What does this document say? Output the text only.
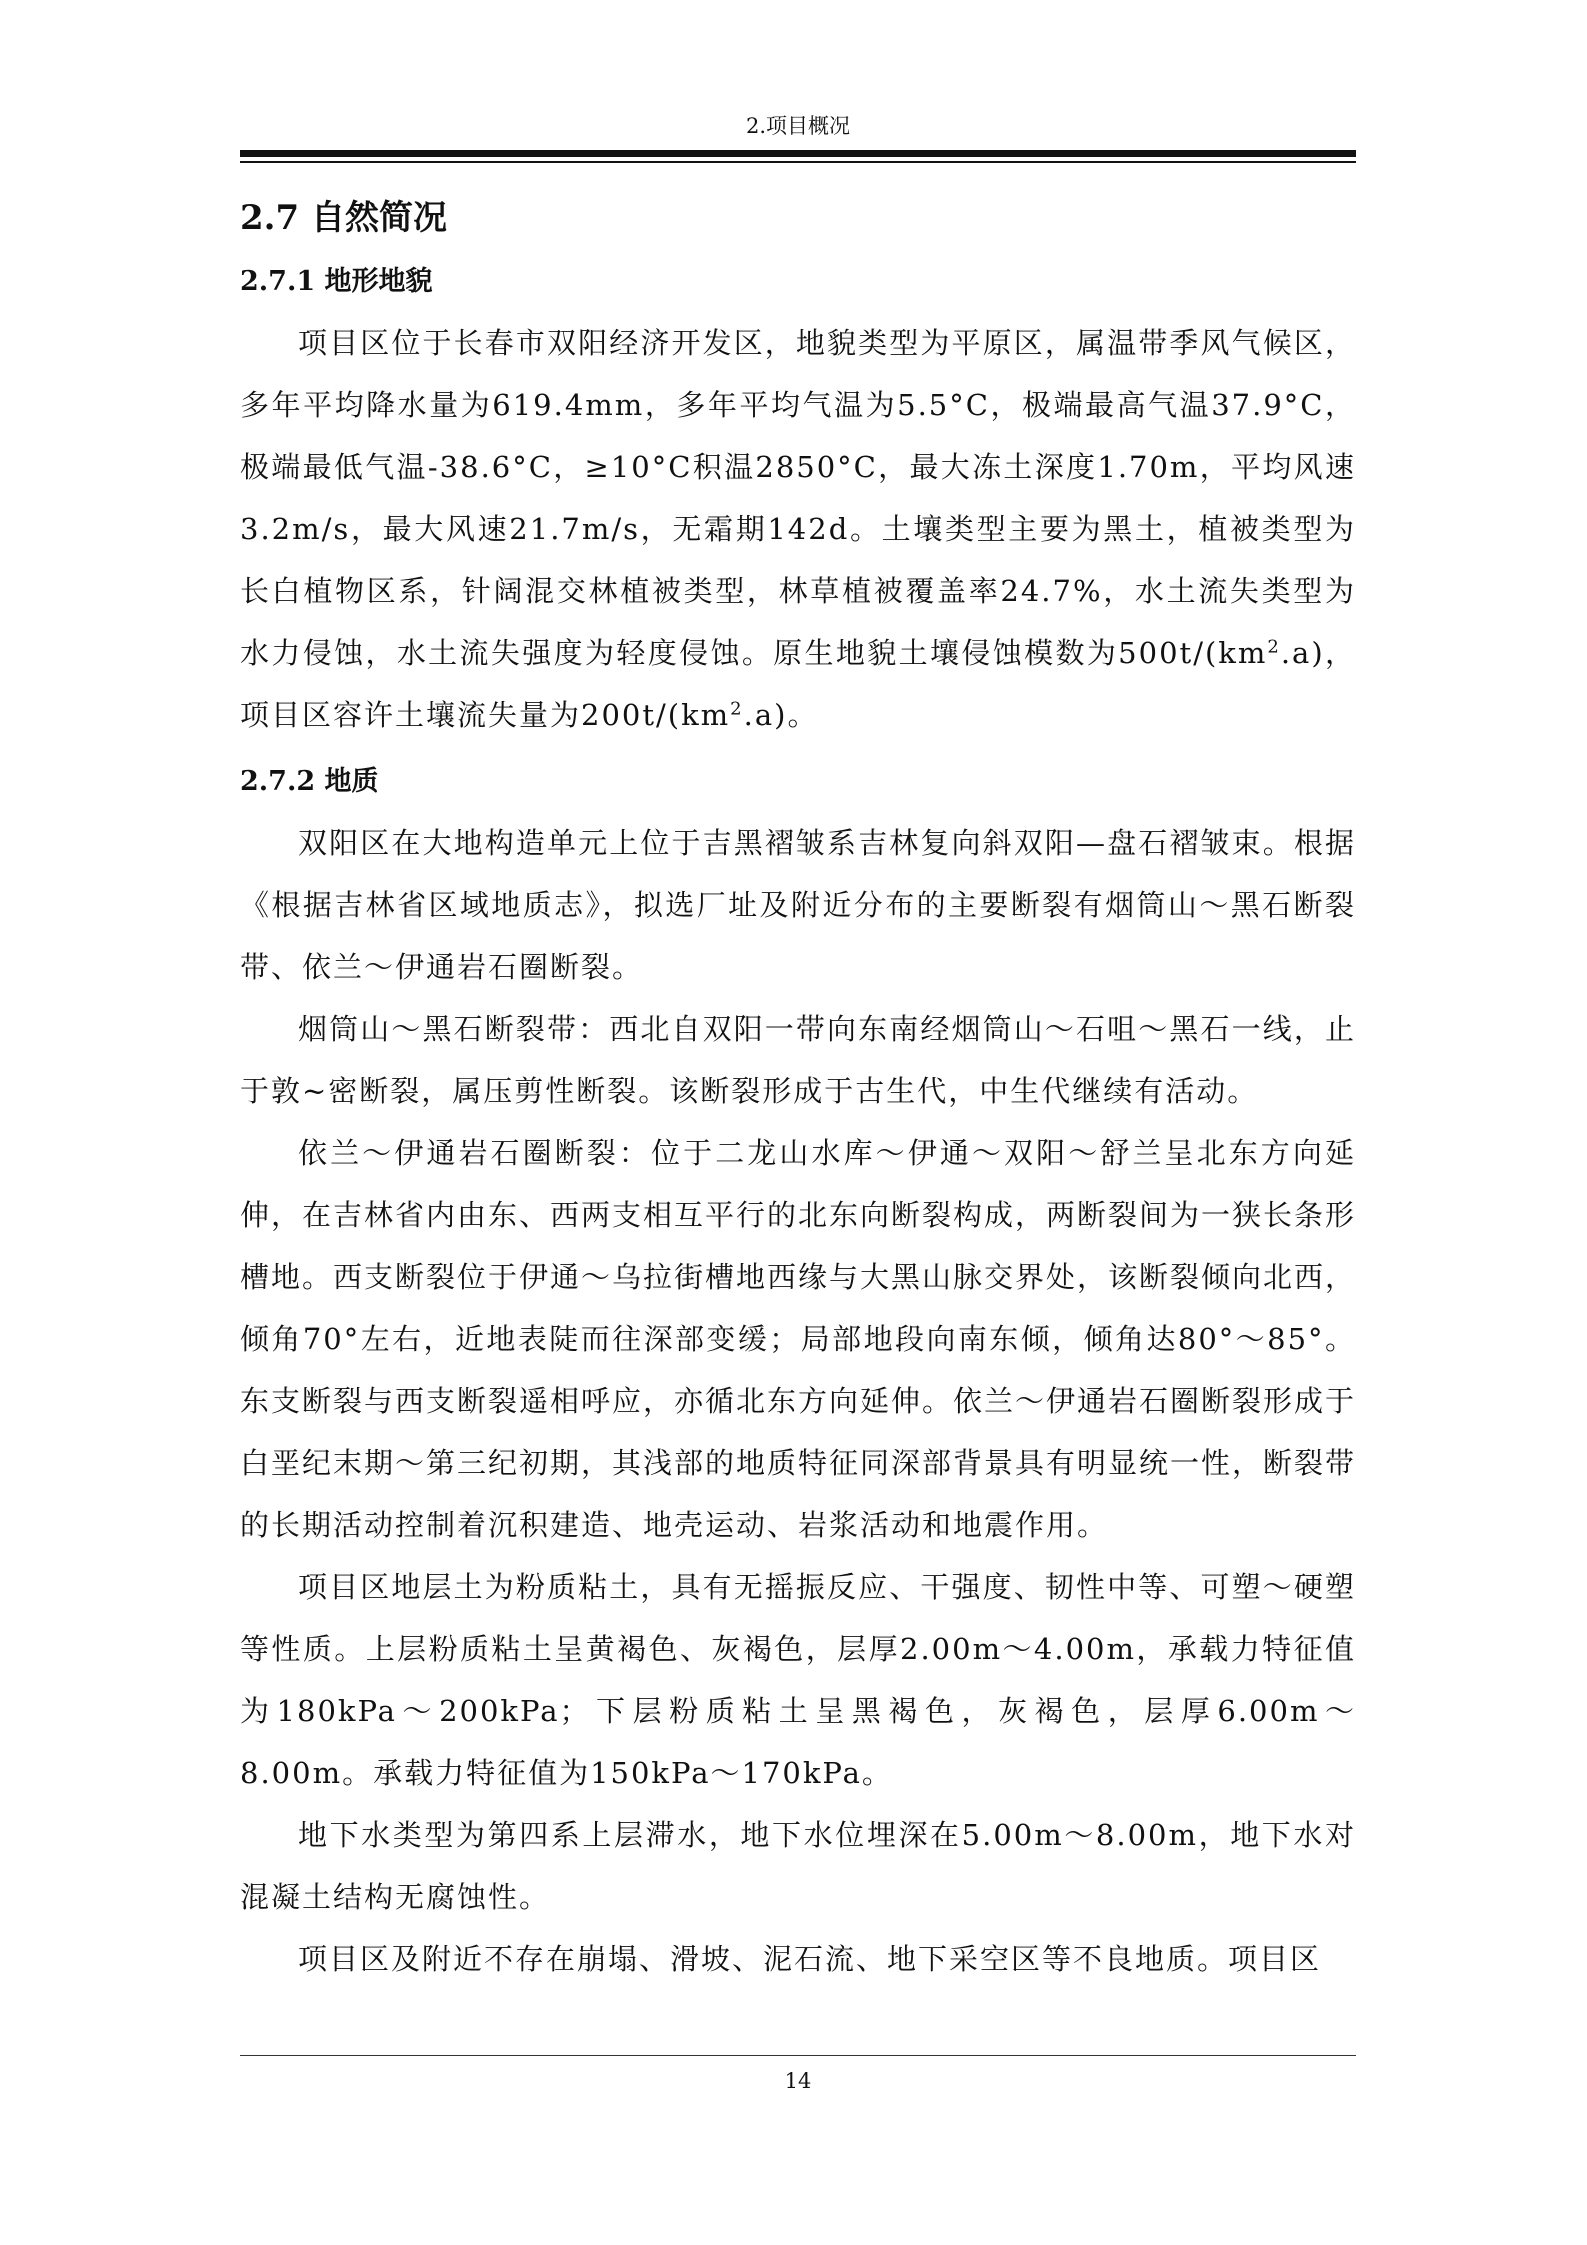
2.项目概况
2.7 自然简况
2.7.1 地形地貌

项目区位于长春市双阳经济开发区，地貌类型为平原区，属温带季风气候区，多年平均降水量为619.4mm，多年平均气温为5.5°C，极端最高气温37.9°C，极端最低气温-38.6°C，≥10°C积温2850°C，最大冻土深度1.70m，平均风速3.2m/s，最大风速21.7m/s，无霜期142d。土壤类型主要为黑土，植被类型为长白植物区系，针阔混交林植被类型，林草植被覆盖率24.7%，水土流失类型为水力侵蚀，水土流失强度为轻度侵蚀。原生地貌土壤侵蚀模数为$500t/(km^2.a)$，项目区容许土壤流失量为$200t/(km^2.a)$。

2.7.2 地质

双阳区在大地构造单元上位于吉黑褶皱系吉林复向斜双阳—盘石褶皱束。根据《根据吉林省区域地质志》，拟选厂址及附近分布的主要断裂有烟筒山～黑石断裂带、依兰～伊通岩石圈断裂。

烟筒山～黑石断裂带：西北自双阳一带向东南经烟筒山～石咀～黑石一线，止于敦~密断裂，属压剪性断裂。该断裂形成于古生代，中生代继续有活动。

依兰～伊通岩石圈断裂：位于二龙山水库～伊通～双阳～舒兰呈北东方向延伸，在吉林省内由东、西两支相互平行的北东向断裂构成，两断裂间为一狭长条形槽地。西支断裂位于伊通～乌拉街槽地西缘与大黑山脉交界处，该断裂倾向北西，倾角70°左右，近地表陡而往深部变缓；局部地段向南东倾，倾角达80°～85°。东支断裂与西支断裂遥相呼应，亦循北东方向延伸。依兰～伊通岩石圈断裂形成于白垩纪末期～第三纪初期，其浅部的地质特征同深部背景具有明显统一性，断裂带的长期活动控制着沉积建造、地壳运动、岩浆活动和地震作用。

项目区地层土为粉质粘土，具有无摇振反应、干强度、韧性中等、可塑～硬塑等性质。上层粉质粘土呈黄褐色、灰褐色，层厚2.00m～4.00m，承载力特征值为180kPa～200kPa；下层粉质粘土呈黑褐色，灰褐色，层厚6.00m～8.00m。承载力特征值为150kPa～170kPa。

地下水类型为第四系上层滞水，地下水位埋深在5.00m～8.00m，地下水对混凝土结构无腐蚀性。

项目区及附近不存在崩塌、滑坡、泥石流、地下采空区等不良地质。项目区

14
